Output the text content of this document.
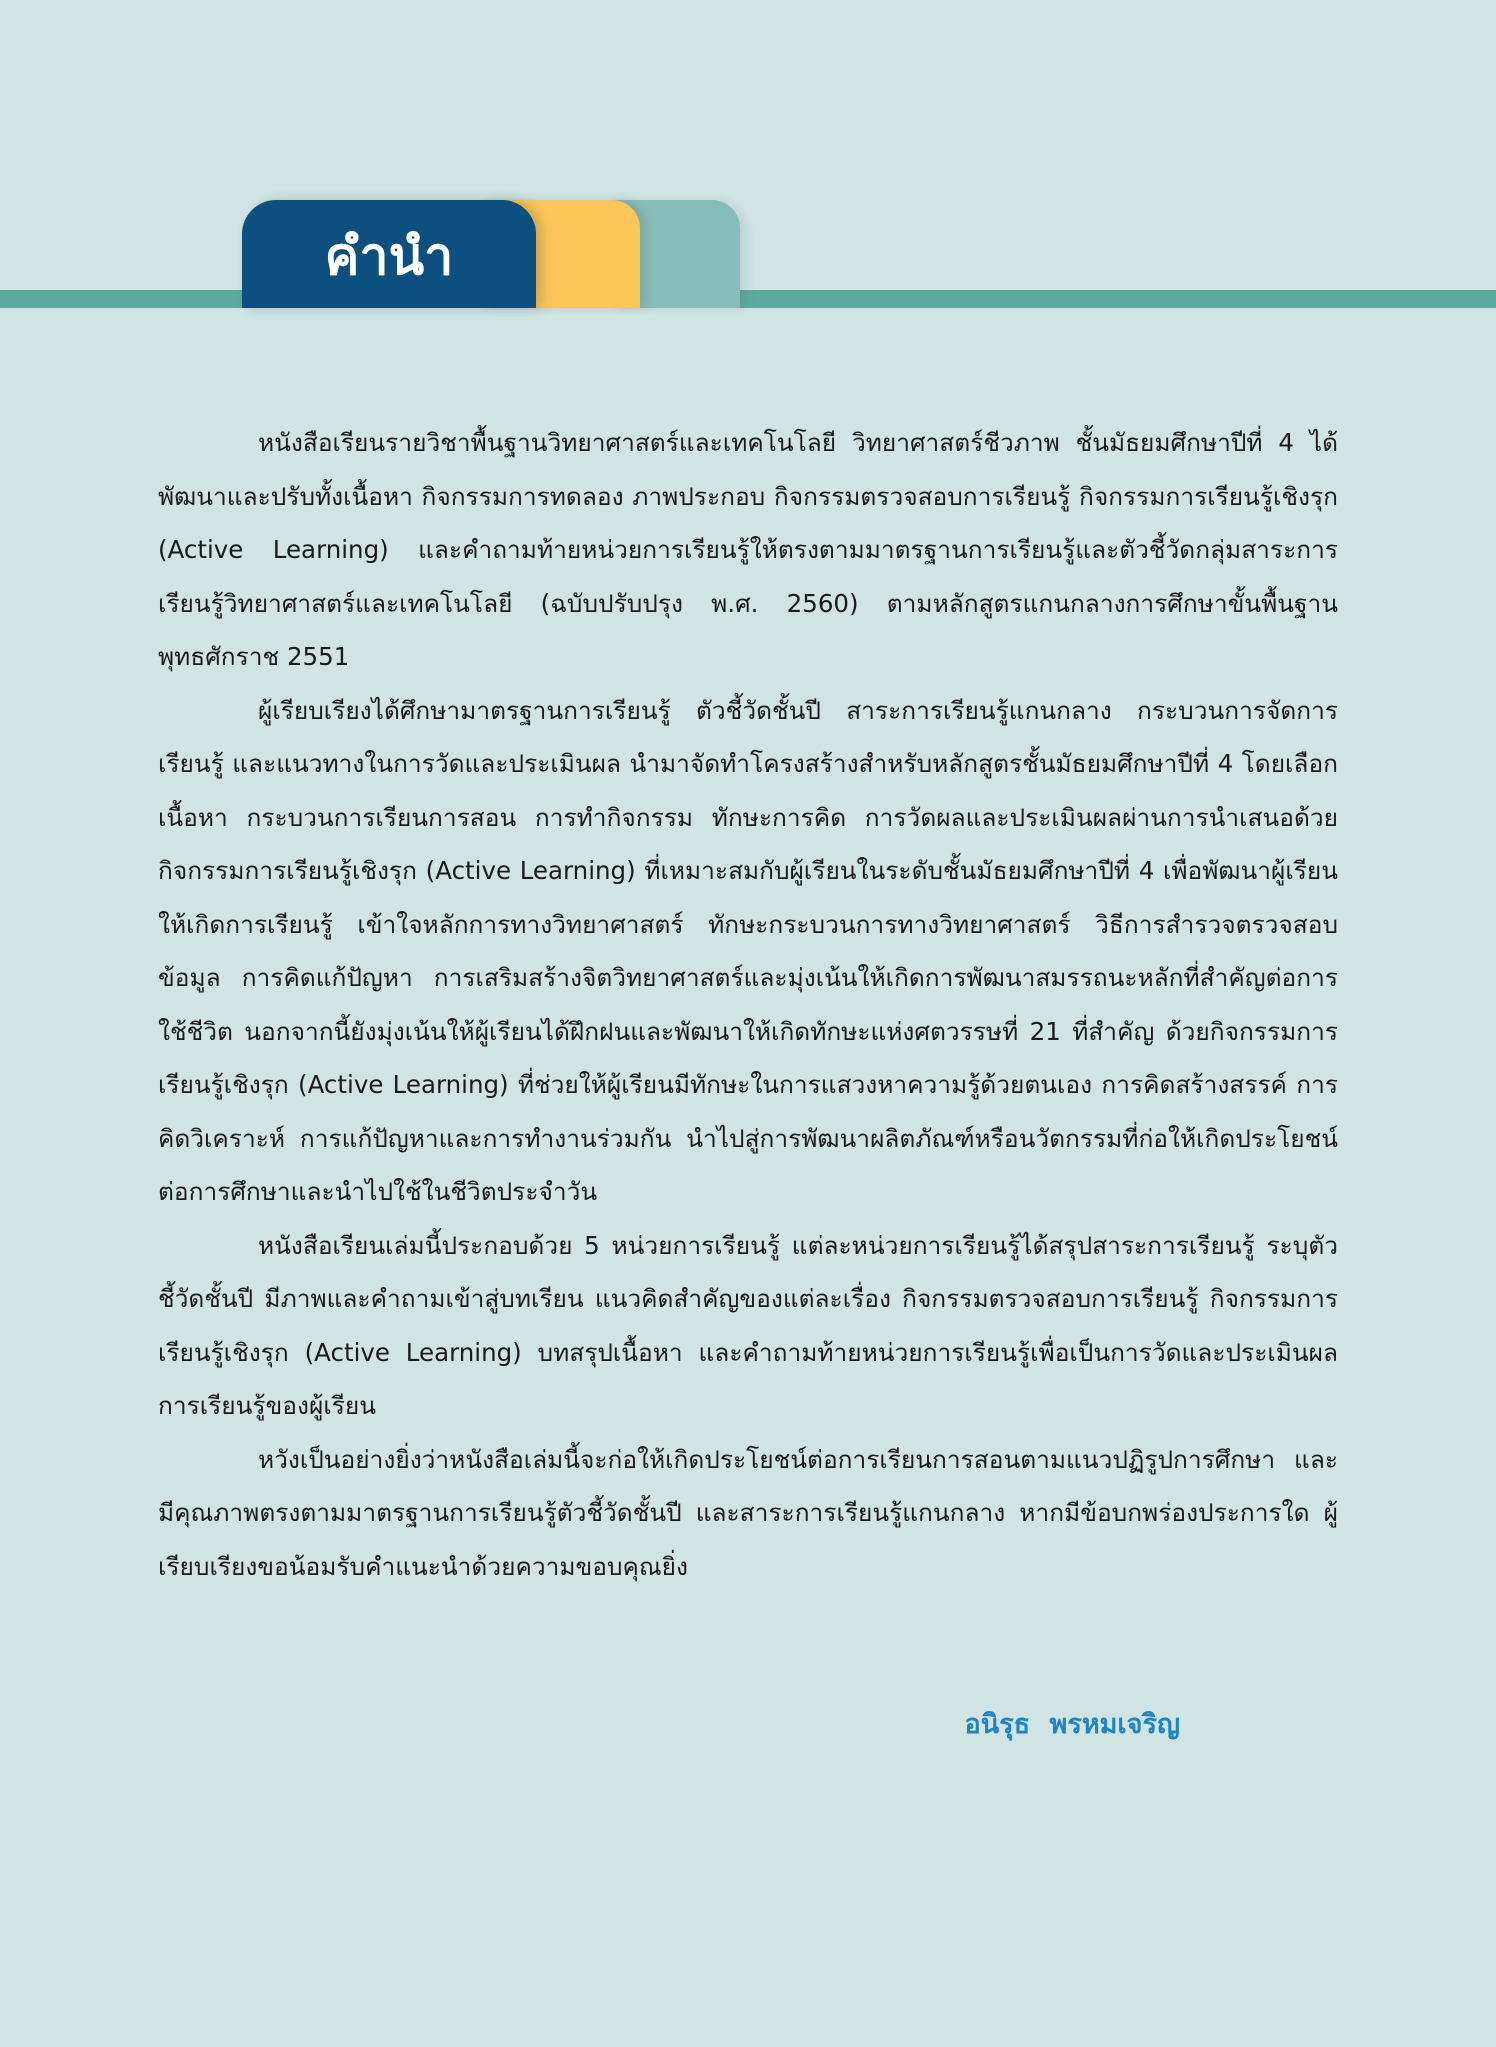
คำนำ

หนังสือเรียนรายวิชาพื้นฐานวิทยาศาสตร์และเทคโนโลยี วิทยาศาสตร์ชีวภาพ ชั้นมัธยมศึกษาปีที่ 4 ได้พัฒนาและปรับทั้งเนื้อหา กิจกรรมการทดลอง ภาพประกอบ กิจกรรมตรวจสอบการเรียนรู้ กิจกรรมการเรียนรู้เชิงรุก (Active Learning) และคำถามท้ายหน่วยการเรียนรู้ให้ตรงตามมาตรฐานการเรียนรู้และตัวชี้วัดกลุ่มสาระการเรียนรู้วิทยาศาสตร์และเทคโนโลยี (ฉบับปรับปรุง พ.ศ. 2560) ตามหลักสูตรแกนกลางการศึกษาขั้นพื้นฐาน พุทธศักราช 2551

ผู้เรียบเรียงได้ศึกษามาตรฐานการเรียนรู้ ตัวชี้วัดชั้นปี สาระการเรียนรู้แกนกลาง กระบวนการจัดการเรียนรู้ และแนวทางในการวัดและประเมินผล นำมาจัดทำโครงสร้างสำหรับหลักสูตรชั้นมัธยมศึกษาปีที่ 4 โดยเลือกเนื้อหา กระบวนการเรียนการสอน การทำกิจกรรม ทักษะการคิด การวัดผลและประเมินผลผ่านการนำเสนอด้วยกิจกรรมการเรียนรู้เชิงรุก (Active Learning) ที่เหมาะสมกับผู้เรียนในระดับชั้นมัธยมศึกษาปีที่ 4 เพื่อพัฒนาผู้เรียนให้เกิดการเรียนรู้ เข้าใจหลักการทางวิทยาศาสตร์ ทักษะกระบวนการทางวิทยาศาสตร์ วิธีการสำรวจตรวจสอบข้อมูล การคิดแก้ปัญหา การเสริมสร้างจิตวิทยาศาสตร์และมุ่งเน้นให้เกิดการพัฒนาสมรรถนะหลักที่สำคัญต่อการใช้ชีวิต นอกจากนี้ยังมุ่งเน้นให้ผู้เรียนได้ฝึกฝนและพัฒนาให้เกิดทักษะแห่งศตวรรษที่ 21 ที่สำคัญ ด้วยกิจกรรมการเรียนรู้เชิงรุก (Active Learning) ที่ช่วยให้ผู้เรียนมีทักษะในการแสวงหาความรู้ด้วยตนเอง การคิดสร้างสรรค์ การคิดวิเคราะห์ การแก้ปัญหาและการทำงานร่วมกัน นำไปสู่การพัฒนาผลิตภัณฑ์หรือนวัตกรรมที่ก่อให้เกิดประโยชน์ต่อการศึกษาและนำไปใช้ในชีวิตประจำวัน

หนังสือเรียนเล่มนี้ประกอบด้วย 5 หน่วยการเรียนรู้ แต่ละหน่วยการเรียนรู้ได้สรุปสาระการเรียนรู้ ระบุตัวชี้วัดชั้นปี มีภาพและคำถามเข้าสู่บทเรียน แนวคิดสำคัญของแต่ละเรื่อง กิจกรรมตรวจสอบการเรียนรู้ กิจกรรมการเรียนรู้เชิงรุก (Active Learning) บทสรุปเนื้อหา และคำถามท้ายหน่วยการเรียนรู้เพื่อเป็นการวัดและประเมินผลการเรียนรู้ของผู้เรียน

หวังเป็นอย่างยิ่งว่าหนังสือเล่มนี้จะก่อให้เกิดประโยชน์ต่อการเรียนการสอนตามแนวปฏิรูปการศึกษา และมีคุณภาพตรงตามมาตรฐานการเรียนรู้ตัวชี้วัดชั้นปี และสาระการเรียนรู้แกนกลาง หากมีข้อบกพร่องประการใด ผู้เรียบเรียงขอน้อมรับคำแนะนำด้วยความขอบคุณยิ่ง

อนิรุธ พรหมเจริญ
